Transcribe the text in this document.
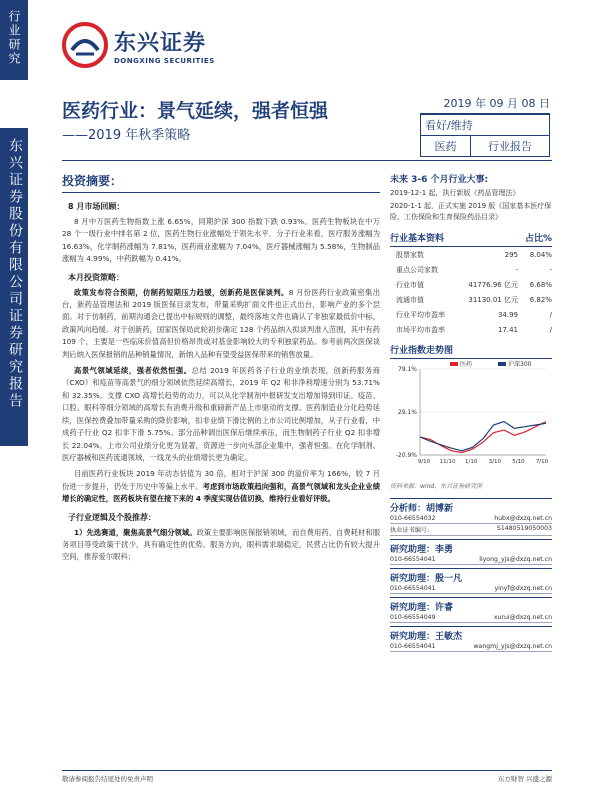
行业研究
东兴证券股份有限公司证券研究报告
东兴证券
DONGXING SECURITIES
医药行业：景气延续，强者恒强
——2019 年秋季策略
2019 年 09 月 08 日
看好/维持
医药	行业报告
投资摘要：
8 月市场回顾：

8 月中万医药生物指数上涨 6.65%，同期沪深 300 指数下跌 0.93%。医药生物板块在中万 28 个一级行业中排名第 2 位，医药生物行业涨幅处于领先水平，分子行业来看，医疗服务涨幅为 16.63%，化学制药涨幅为 7.81%，医药商业涨幅为 7.04%，医疗器械涨幅为 5.58%，生物制品涨幅为 4.99%，中药跌幅为 0.41%。

本月投资策略：

政策发布符合预期，仿制药短期压力趋缓，创新药是医保谈判。8 月份医药行业政策密集出台，新药品管理法和 2019 版医保目录发布，带量采购扩面文件也正式出台，影响产业的多个层面。对于仿制药，前期沟通会已提出中标规则的调整，最终落地文件也确认了非独家最低价中标，政策风向趋缓。对于创新药，国家医保局此轮初步确定 128 个药品纳入拟谈判准入范围，其中有药 109 个，主要是一些临床价值高但价格昂贵或对基金影响较大的专利独家药品。参考前两次医保谈判后纳入医保报销的品种销量情况，新纳入品种有望受益医保带来的销售放量。

高景气领域延续，强者依然恒强。总结 2019 年医药各子行业的业绩表现，创新药服务商（CXO）和疫苗等高景气的细分领域依然延续高增长，2019 年 Q2 和非净利增速分别为 53.71%和 32.35%。支撑 CXO 高增长趋势的动力，可以从化学制剂中报研发支出增加得到印证。疫苗、口腔、眼科等细分领域的高增长有消费升级和重磅新产品上市驱动的支撑。医药制造业分化趋势延续，医保控费叠加带量采购的降价影响，扣非业绩下滑比例的上市公司比例增加，从子行业看，中成药子行业 Q2 扣非下滑 5.75%。部分品种调出医保后继续承压，而生物制药子行业 Q2 扣非增长 22.04%。上市公司业绩分化更为显著，资源进一步向头部企业集中，强者恒强。在化学制剂、医疗器械和医药流通领域，一线龙头的业绩增长更为确定。

目前医药行业板块 2019 年动态估值为 30 倍，相对于沪深 300 的溢价率为 166%，较 7 月份进一步提升，仍处于历史中等偏上水平。考虑到市场政策趋向强和，高景气领域和龙头企业业绩增长的确定性，医药板块有望在接下来的 4 季度实现估值切换，维持行业看好评级。

子行业逻辑及个股推荐：

1）先选赛道，聚焦高景气细分领域。政策主要影响医保报销领域，而自费用药、自费耗材和服务项目等受政策干扰少，具有确定性的优势。服务方向，眼科需求端稳定，民营占比仍有较大提升空间，推荐爱尔眼科；

未来 3-6 个月行业大事:
2019-12-1 起，执行新版《药品管理法》
2020-1-1 起，正式实施 2019 版《国家基本医疗保险、工伤保险和生育保险药品目录》
行业基本资料	占比%
股票家数	295	8.04%
重点公司家数	-	-
行业市值	41776.96 亿元	6.68%
流通市值	31130.01 亿元	6.82%
行业平均市盈率	34.99	/
市场平均市盈率	17.41	/
行业指数走势图
79.1%
29.1%
-20.9%
9/10 11/10 1/10 3/10 5/10 7/10
医药	沪深300
资料来源：wind、东兴证券研究所
分析师：胡博新
010-66554032	hubx@dxzq.net.cn
执业证书编号:	S1480519050003
研究助理：李勇
010-66554041	liyong_yjs@dxzq.net.cn
研究助理：殷一凡
010-66554041	yinyf@dxzq.net.cn
研究助理：许睿
010-66554049	xurui@dxzq.net.cn
研究助理：王敏杰
010-66554041	wangmj_yjs@dxzq.net.cn
敬请参阅报告结尾处的免责声明	东方财智 兴盛之源
